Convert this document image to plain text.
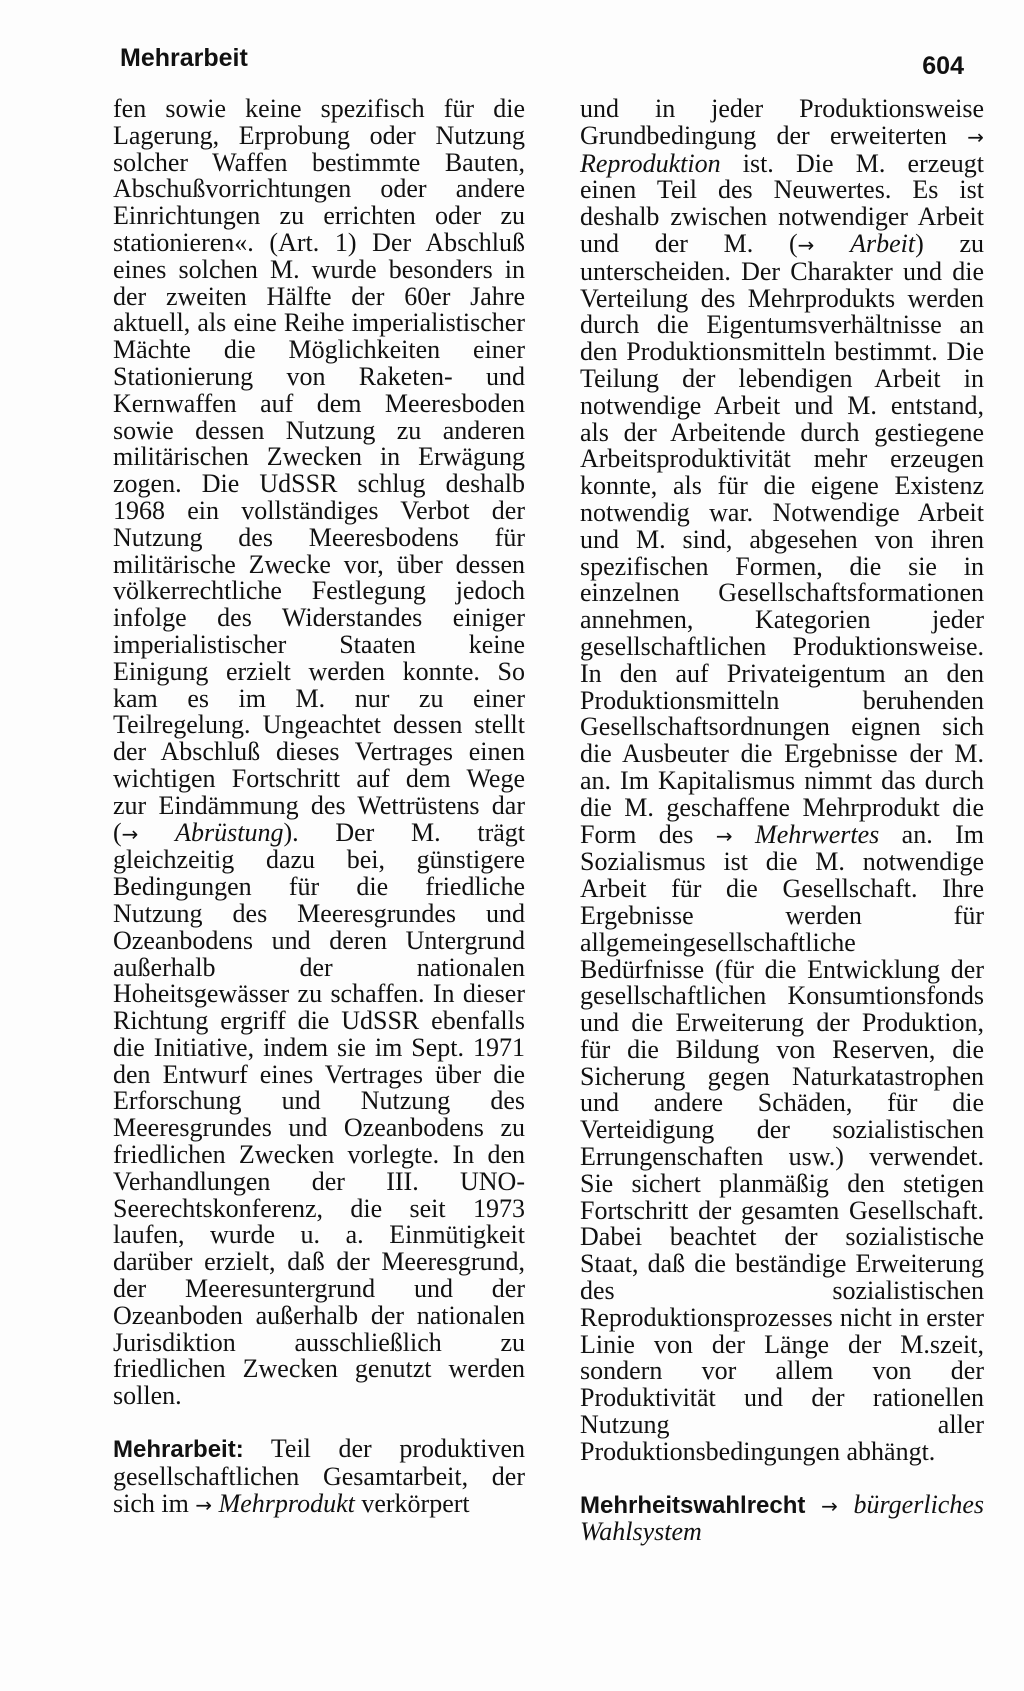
Mehrarbeit	604

fen sowie keine spezifisch für die Lagerung, Erprobung oder Nutzung solcher Waffen bestimmte Bauten, Abschußvorrichtungen oder andere Einrichtungen zu errichten oder zu stationieren«. (Art. 1) Der Abschluß eines solchen M. wurde besonders in der zweiten Hälfte der 60er Jahre aktuell, als eine Reihe imperialistischer Mächte die Möglichkeiten einer Stationierung von Raketen- und Kernwaffen auf dem Meeresboden sowie dessen Nutzung zu anderen militärischen Zwecken in Erwägung zogen. Die UdSSR schlug deshalb 1968 ein vollständiges Verbot der Nutzung des Meeresbodens für militärische Zwecke vor, über dessen völkerrechtliche Festlegung jedoch infolge des Widerstandes einiger imperialistischer Staaten keine Einigung erzielt werden konnte. So kam es im M. nur zu einer Teilregelung. Ungeachtet dessen stellt der Abschluß dieses Vertrages einen wichtigen Fortschritt auf dem Wege zur Eindämmung des Wettrüstens dar (→ Abrüstung). Der M. trägt gleichzeitig dazu bei, günstigere Bedingungen für die friedliche Nutzung des Meeresgrundes und Ozeanbodens und deren Untergrund außerhalb der nationalen Hoheitsgewässer zu schaffen. In dieser Richtung ergriff die UdSSR ebenfalls die Initiative, indem sie im Sept. 1971 den Entwurf eines Vertrages über die Erforschung und Nutzung des Meeresgrundes und Ozeanbodens zu friedlichen Zwecken vorlegte. In den Verhandlungen der III. UNO-Seerechtskonferenz, die seit 1973 laufen, wurde u. a. Einmütigkeit darüber erzielt, daß der Meeresgrund, der Meeresuntergrund und der Ozeanboden außerhalb der nationalen Jurisdiktion ausschließlich zu friedlichen Zwecken genutzt werden sollen.

Mehrarbeit: Teil der produktiven gesellschaftlichen Gesamtarbeit, der sich im → Mehrprodukt verkörpert

und in jeder Produktionsweise Grundbedingung der erweiterten → Reproduktion ist. Die M. erzeugt einen Teil des Neuwertes. Es ist deshalb zwischen notwendiger Arbeit und der M. (→ Arbeit) zu unterscheiden. Der Charakter und die Verteilung des Mehrprodukts werden durch die Eigentumsverhältnisse an den Produktionsmitteln bestimmt. Die Teilung der lebendigen Arbeit in notwendige Arbeit und M. entstand, als der Arbeitende durch gestiegene Arbeitsproduktivität mehr erzeugen konnte, als für die eigene Existenz notwendig war. Notwendige Arbeit und M. sind, abgesehen von ihren spezifischen Formen, die sie in einzelnen Gesellschaftsformationen annehmen, Kategorien jeder gesellschaftlichen Produktionsweise. In den auf Privateigentum an den Produktionsmitteln beruhenden Gesellschaftsordnungen eignen sich die Ausbeuter die Ergebnisse der M. an. Im Kapitalismus nimmt das durch die M. geschaffene Mehrprodukt die Form des → Mehrwertes an. Im Sozialismus ist die M. notwendige Arbeit für die Gesellschaft. Ihre Ergebnisse werden für allgemeingesellschaftliche Bedürfnisse (für die Entwicklung der gesellschaftlichen Konsumtionsfonds und die Erweiterung der Produktion, für die Bildung von Reserven, die Sicherung gegen Naturkatastrophen und andere Schäden, für die Verteidigung der sozialistischen Errungenschaften usw.) verwendet. Sie sichert planmäßig den stetigen Fortschritt der gesamten Gesellschaft. Dabei beachtet der sozialistische Staat, daß die beständige Erweiterung des sozialistischen Reproduktionsprozesses nicht in erster Linie von der Länge der M.szeit, sondern vor allem von der Produktivität und der rationellen Nutzung aller Produktionsbedingungen abhängt.

Mehrheitswahlrecht → bürgerliches Wahlsystem
